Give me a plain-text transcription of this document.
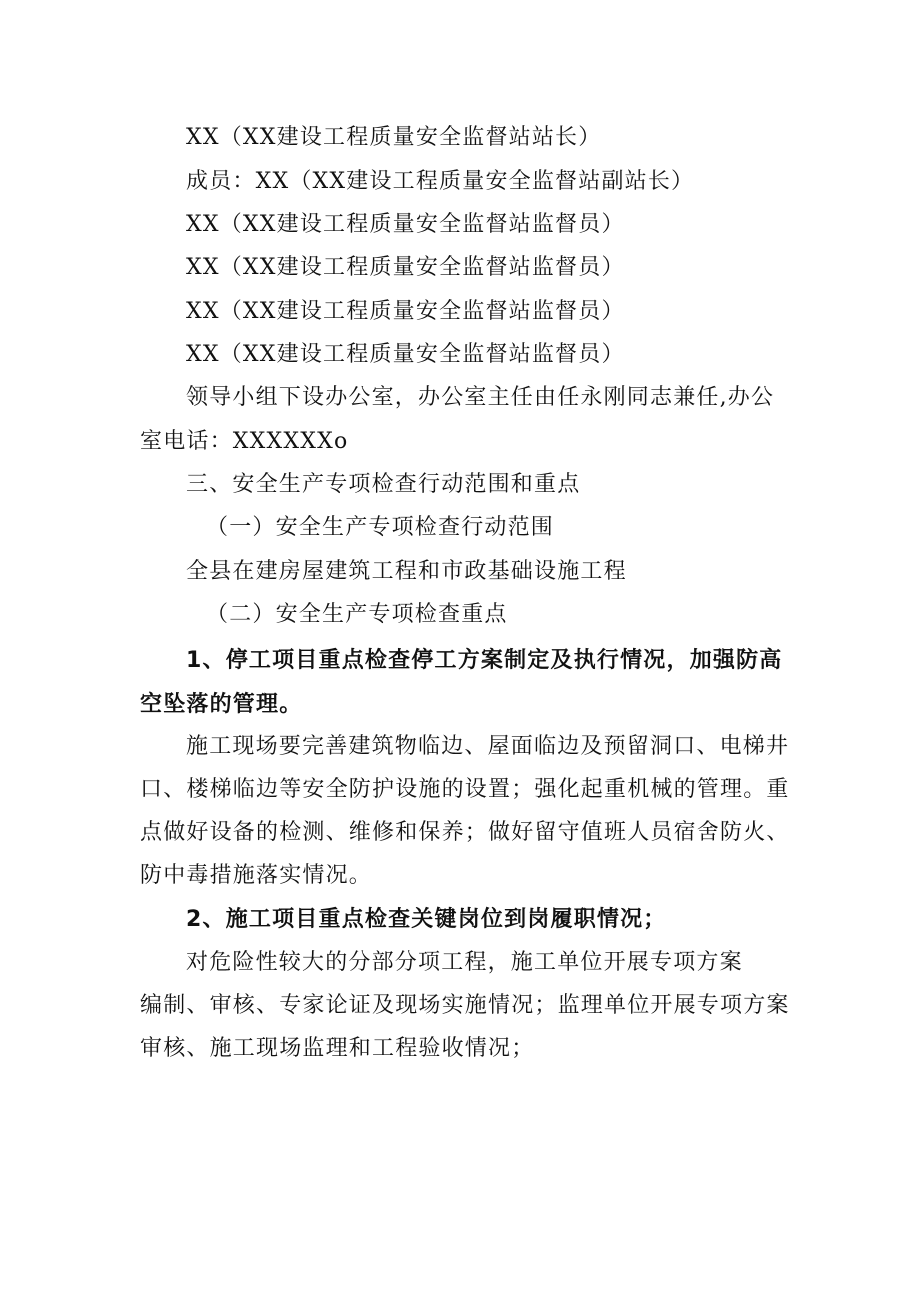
XX（XX建设工程质量安全监督站站长）
成员：XX（XX建设工程质量安全监督站副站长）
XX（XX建设工程质量安全监督站监督员）
XX（XX建设工程质量安全监督站监督员）
XX（XX建设工程质量安全监督站监督员）
XX（XX建设工程质量安全监督站监督员）
领导小组下设办公室，办公室主任由任永刚同志兼任,办公
室电话：XXXXXXo
三、安全生产专项检查行动范围和重点
（一）安全生产专项检查行动范围
全县在建房屋建筑工程和市政基础设施工程
（二）安全生产专项检查重点
1、停工项目重点检查停工方案制定及执行情况，加强防高
空坠落的管理。
施工现场要完善建筑物临边、屋面临边及预留洞口、电梯井
口、楼梯临边等安全防护设施的设置；强化起重机械的管理。重
点做好设备的检测、维修和保养；做好留守值班人员宿舍防火、
防中毒措施落实情况。
2、施工项目重点检查关键岗位到岗履职情况；
对危险性较大的分部分项工程，施工单位开展专项方案
编制、审核、专家论证及现场实施情况；监理单位开展专项方案
审核、施工现场监理和工程验收情况；
